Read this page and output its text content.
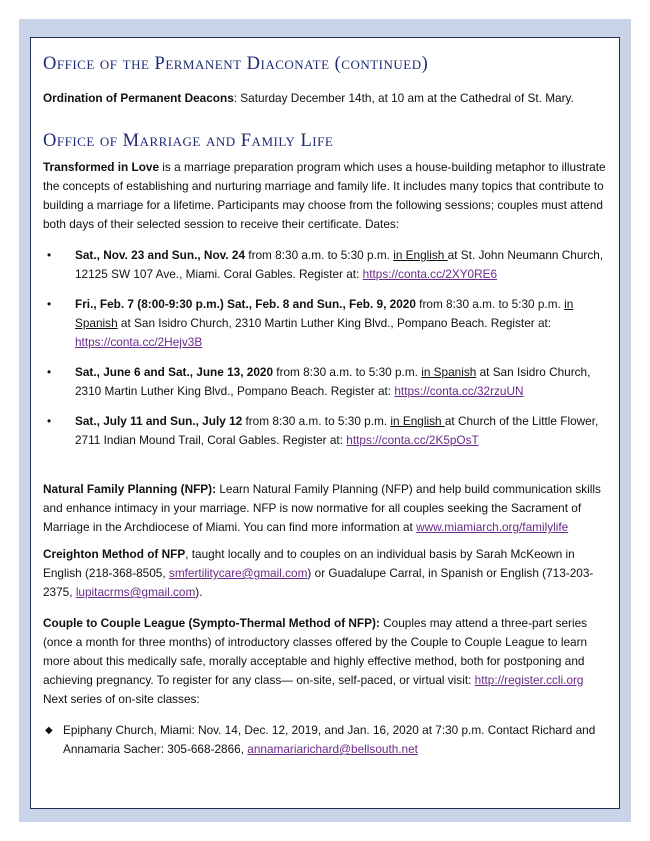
Office of the Permanent Diaconate (continued)

Ordination of Permanent Deacons: Saturday December 14th, at 10 am at the Cathedral of St. Mary.

Office of Marriage and Family Life

Transformed in Love is a marriage preparation program which uses a house-building metaphor to illustrate the concepts of establishing and nurturing marriage and family life. It includes many topics that contribute to building a marriage for a lifetime. Participants may choose from the following sessions; couples must attend both days of their selected session to receive their certificate. Dates:

• Sat., Nov. 23 and Sun., Nov. 24 from 8:30 a.m. to 5:30 p.m. in English at St. John Neumann Church, 12125 SW 107 Ave., Miami. Coral Gables. Register at: https://conta.cc/2XY0RE6
• Fri., Feb. 7 (8:00-9:30 p.m.) Sat., Feb. 8 and Sun., Feb. 9, 2020 from 8:30 a.m. to 5:30 p.m. in Spanish at San Isidro Church, 2310 Martin Luther King Blvd., Pompano Beach. Register at: https://conta.cc/2Hejv3B
• Sat., June 6 and Sat., June 13, 2020 from 8:30 a.m. to 5:30 p.m. in Spanish at San Isidro Church, 2310 Martin Luther King Blvd., Pompano Beach. Register at: https://conta.cc/32rzuUN
• Sat., July 11 and Sun., July 12 from 8:30 a.m. to 5:30 p.m. in English at Church of the Little Flower, 2711 Indian Mound Trail, Coral Gables. Register at: https://conta.cc/2K5pOsT

Natural Family Planning (NFP): Learn Natural Family Planning (NFP) and help build communication skills and enhance intimacy in your marriage. NFP is now normative for all couples seeking the Sacrament of Marriage in the Archdiocese of Miami. You can find more information at www.miamiarch.org/familylife

Creighton Method of NFP, taught locally and to couples on an individual basis by Sarah McKeown in English (218-368-8505, smfertilitycare@gmail.com) or Guadalupe Carral, in Spanish or English (713-203-2375, lupitacrms@gmail.com).

Couple to Couple League (Sympto-Thermal Method of NFP): Couples may attend a three-part series (once a month for three months) of introductory classes offered by the Couple to Couple League to learn more about this medically safe, morally acceptable and highly effective method, both for postponing and achieving pregnancy. To register for any class— on-site, self-paced, or virtual visit: http://register.ccli.org Next series of on-site classes:

◆ Epiphany Church, Miami: Nov. 14, Dec. 12, 2019, and Jan. 16, 2020 at 7:30 p.m. Contact Richard and Annamaria Sacher: 305-668-2866, annamariarichard@bellsouth.net
